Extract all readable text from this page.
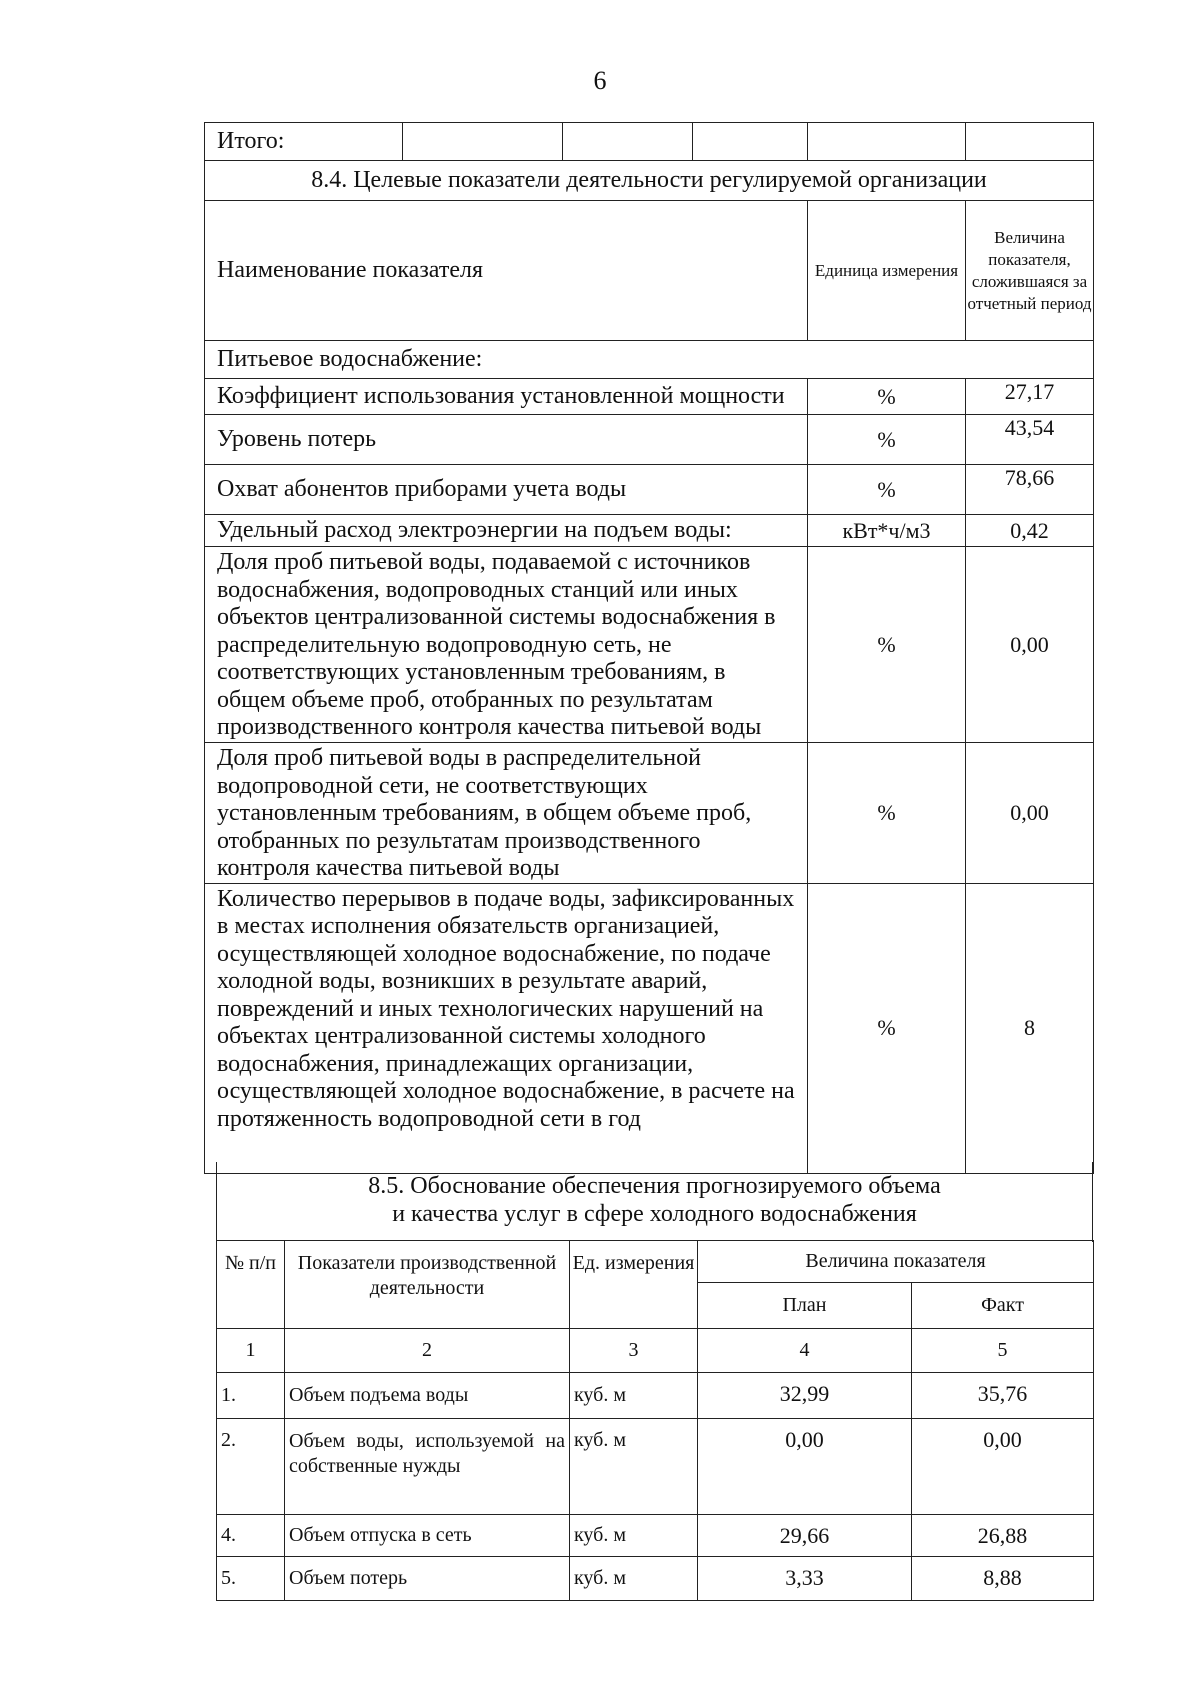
6
Итого:					
8.4. Целевые показатели деятельности регулируемой организации					
Наименование показателя				Единица измерения	Величина показателя, сложившаяся за отчетный период
Питьевое водоснабжение:					
Коэффициент использования установленной мощности				%	27,17
Уровень потерь				%	43,54
Охват абонентов приборами учета воды				%	78,66
Удельный расход электроэнергии на подъем воды:				кВт*ч/м3	0,42
Доля проб питьевой воды, подаваемой с источников водоснабжения, водопроводных станций или иных объектов централизованной системы водоснабжения в распределительную водопроводную сеть, не соответствующих установленным требованиям, в общем объеме проб, отобранных по результатам производственного контроля качества питьевой воды				%	0,00
Доля проб питьевой воды в распределительной водопроводной сети, не соответствующих установленным требованиям, в общем объеме проб, отобранных по результатам производственного контроля качества питьевой воды				%	0,00
Количество перерывов в подаче воды, зафиксированных в местах исполнения обязательств организацией, осуществляющей холодное водоснабжение, по подаче холодной воды, возникших в результате аварий, повреждений и иных технологических нарушений на объектах централизованной системы холодного водоснабжения, принадлежащих организации, осуществляющей холодное водоснабжение, в расчете на протяженность водопроводной сети в год				%	8
8.5. Обоснование обеспечения прогнозируемого объема
и качества услуг в сфере холодного водоснабжения
№ п/п	Показатели производственной деятельности	Ед. измерения	Величина показателя	
			План	Факт
1	2	3	4	5
1.	Объем подъема воды	куб. м	32,99	35,76
2.	Объем воды, используемой на собственные нужды	куб. м	0,00	0,00
4.	Объем отпуска в сеть	куб. м	29,66	26,88
5.	Объем потерь	куб. м	3,33	8,88
